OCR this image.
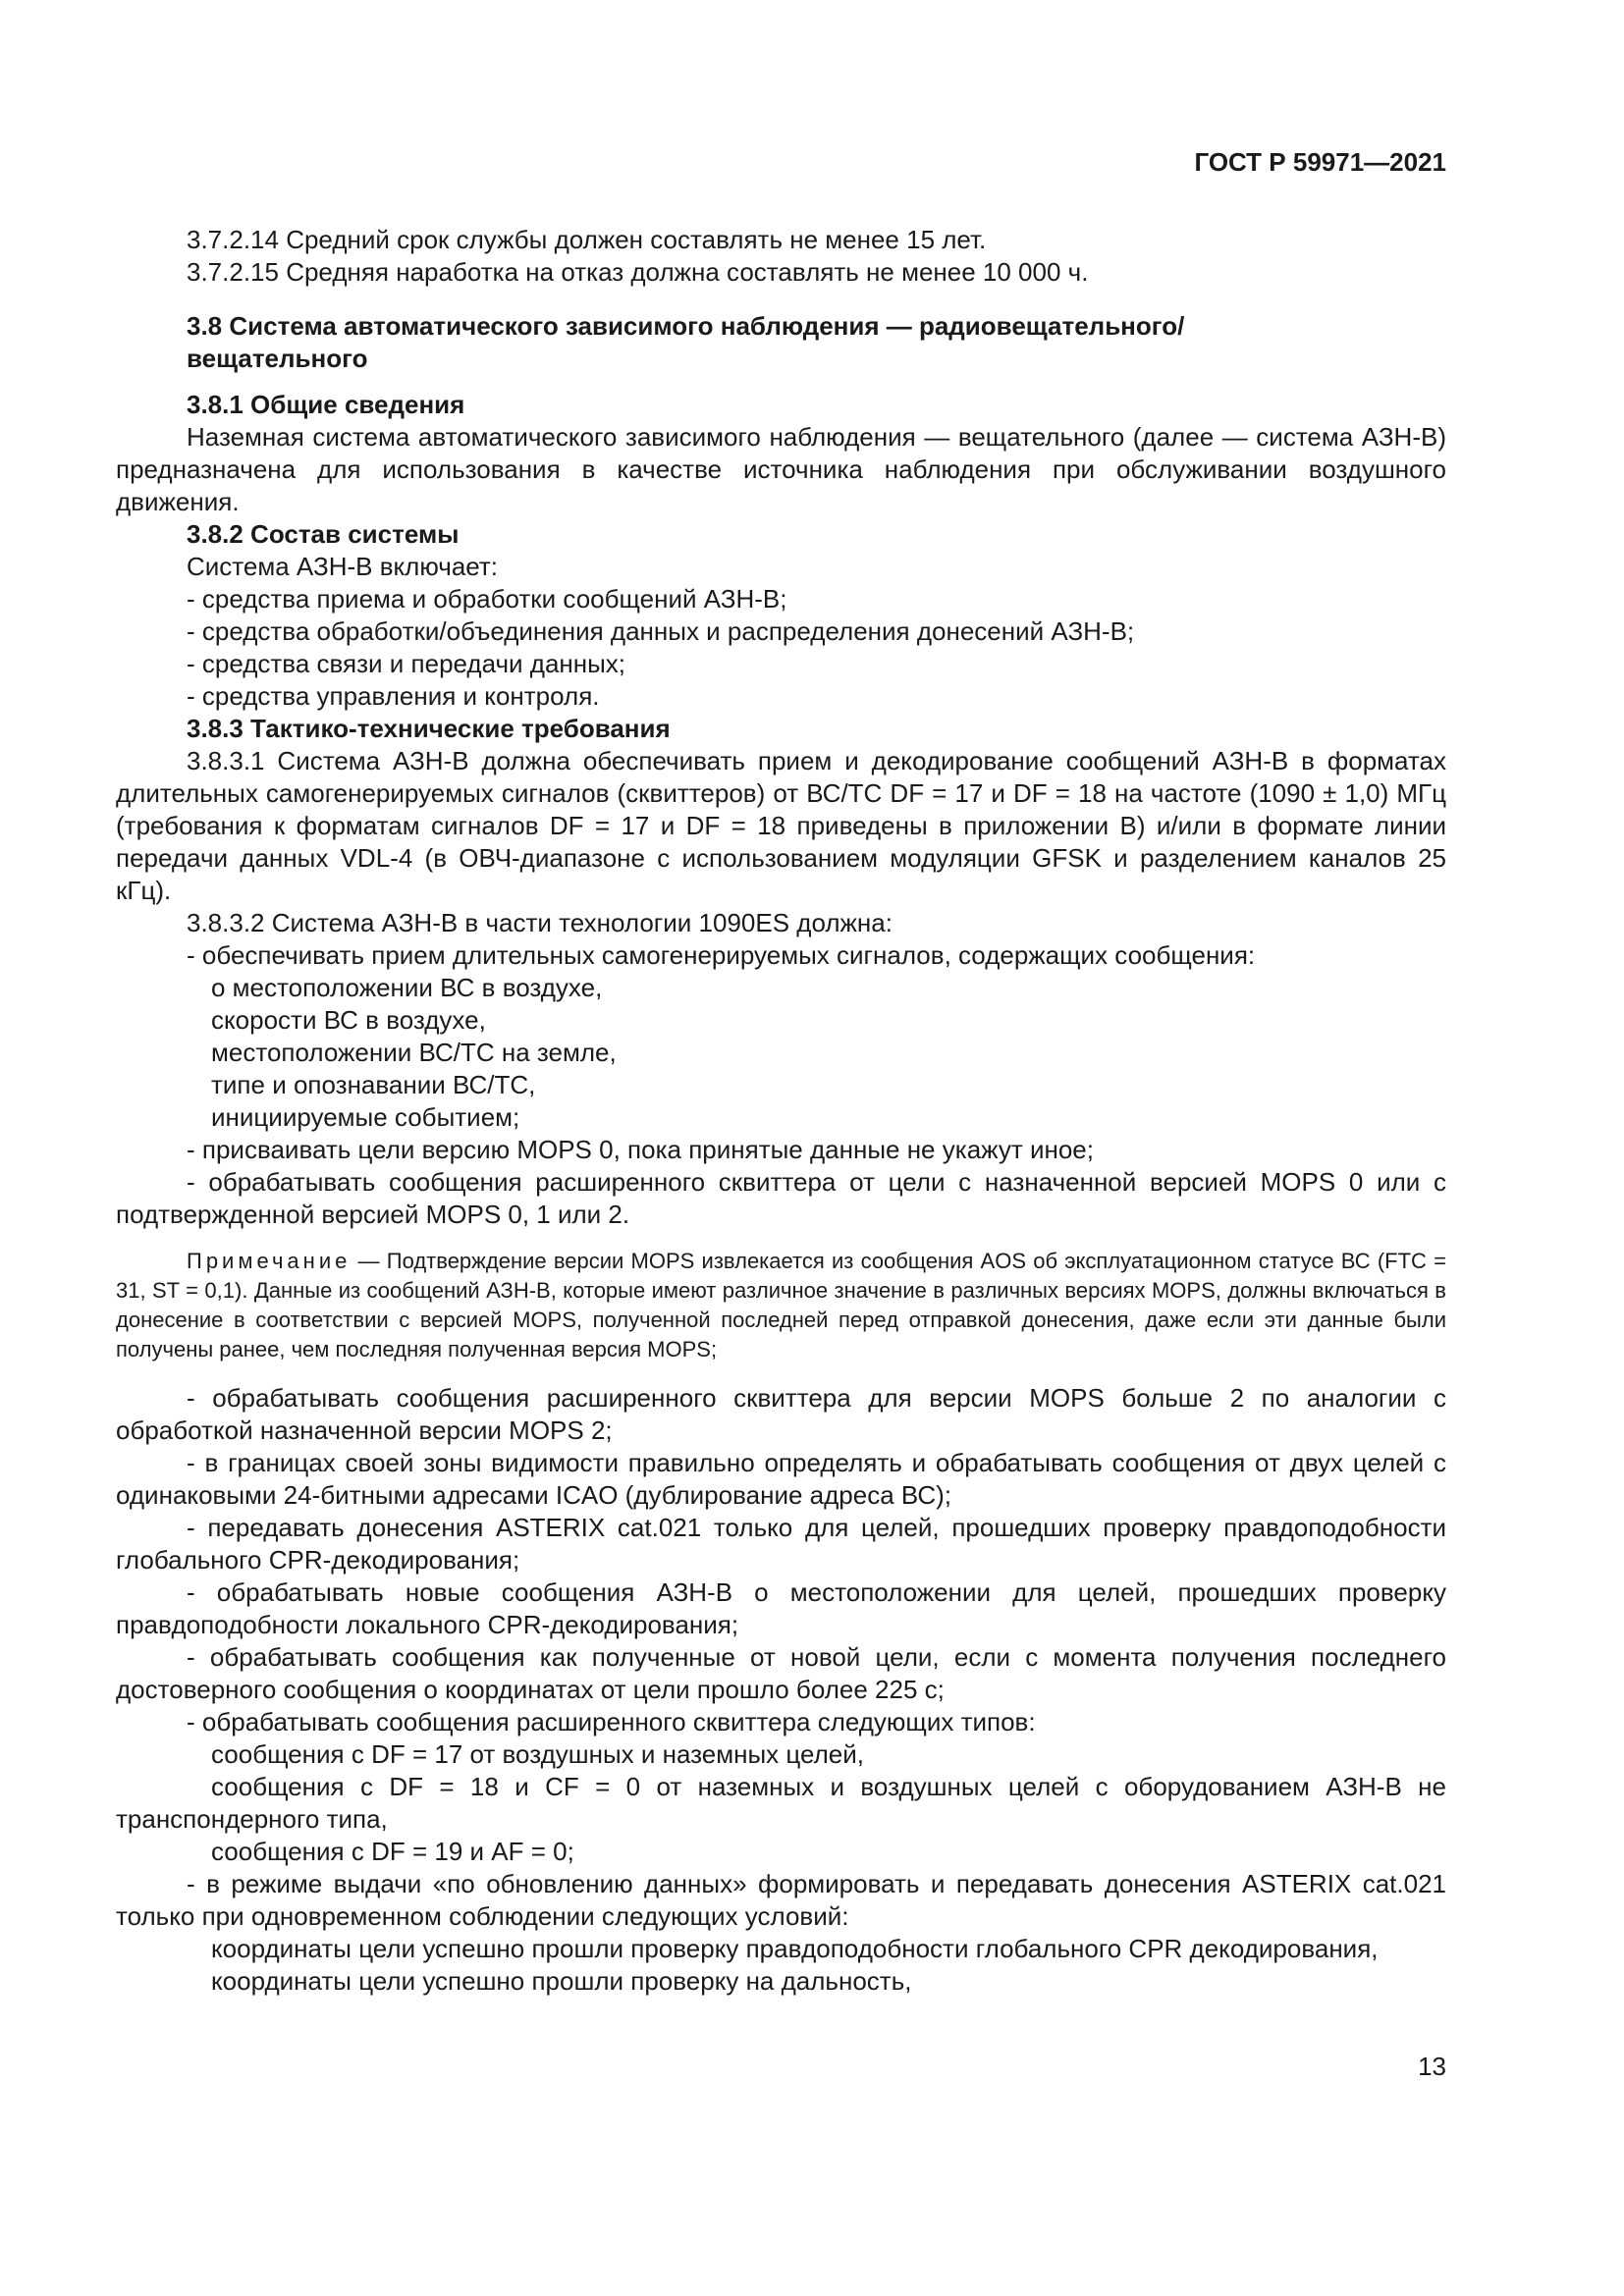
ГОСТ Р 59971—2021

3.7.2.14 Средний срок службы должен составлять не менее 15 лет.

3.7.2.15 Средняя наработка на отказ должна составлять не менее 10 000 ч.

3.8 Система автоматического зависимого наблюдения — радиовещательного/

вещательного

3.8.1 Общие сведения

Наземная система автоматического зависимого наблюдения — вещательного (далее — система АЗН-В) предназначена для использования в качестве источника наблюдения при обслуживании воздушного движения.

3.8.2 Состав системы

Система АЗН-В включает:

- средства приема и обработки сообщений АЗН-В;

- средства обработки/объединения данных и распределения донесений АЗН-В;

- средства связи и передачи данных;

- средства управления и контроля.

3.8.3 Тактико-технические требования

3.8.3.1 Система АЗН-В должна обеспечивать прием и декодирование сообщений АЗН-В в форматах длительных самогенерируемых сигналов (сквиттеров) от ВС/ТС DF = 17 и DF = 18 на частоте (1090 ± 1,0) МГц (требования к форматам сигналов DF = 17 и DF = 18 приведены в приложении В) и/или в формате линии передачи данных VDL-4 (в ОВЧ-диапазоне с использованием модуляции GFSK и разделением каналов 25 кГц).

3.8.3.2 Система АЗН-В в части технологии 1090ES должна:

- обеспечивать прием длительных самогенерируемых сигналов, содержащих сообщения:

о местоположении ВС в воздухе,

скорости ВС в воздухе,

местоположении ВС/ТС на земле,

типе и опознавании ВС/ТС,

инициируемые событием;

- присваивать цели версию MOPS 0, пока принятые данные не укажут иное;

- обрабатывать сообщения расширенного сквиттера от цели с назначенной версией MOPS 0 или с подтвержденной версией MOPS 0, 1 или 2.

Примечание — Подтверждение версии MOPS извлекается из сообщения AOS об эксплуатационном статусе ВС (FTC = 31, ST = 0,1). Данные из сообщений АЗН-В, которые имеют различное значение в различных версиях MOPS, должны включаться в донесение в соответствии с версией MOPS, полученной последней перед отправкой донесения, даже если эти данные были получены ранее, чем последняя полученная версия MOPS;

- обрабатывать сообщения расширенного сквиттера для версии MOPS больше 2 по аналогии с обработкой назначенной версии MOPS 2;

- в границах своей зоны видимости правильно определять и обрабатывать сообщения от двух целей с одинаковыми 24-битными адресами ICAO (дублирование адреса ВС);

- передавать донесения ASTERIX cat.021 только для целей, прошедших проверку правдоподобности глобального CPR-декодирования;

- обрабатывать новые сообщения АЗН-В о местоположении для целей, прошедших проверку правдоподобности локального CPR-декодирования;

- обрабатывать сообщения как полученные от новой цели, если с момента получения последнего достоверного сообщения о координатах от цели прошло более 225 с;

- обрабатывать сообщения расширенного сквиттера следующих типов:

сообщения с DF = 17 от воздушных и наземных целей,

сообщения с DF = 18 и CF = 0 от наземных и воздушных целей с оборудованием АЗН-В не транспондерного типа,

сообщения с DF = 19 и AF = 0;

- в режиме выдачи «по обновлению данных» формировать и передавать донесения ASTERIX cat.021 только при одновременном соблюдении следующих условий:

координаты цели успешно прошли проверку правдоподобности глобального CPR декодирования,

координаты цели успешно прошли проверку на дальность,

13
